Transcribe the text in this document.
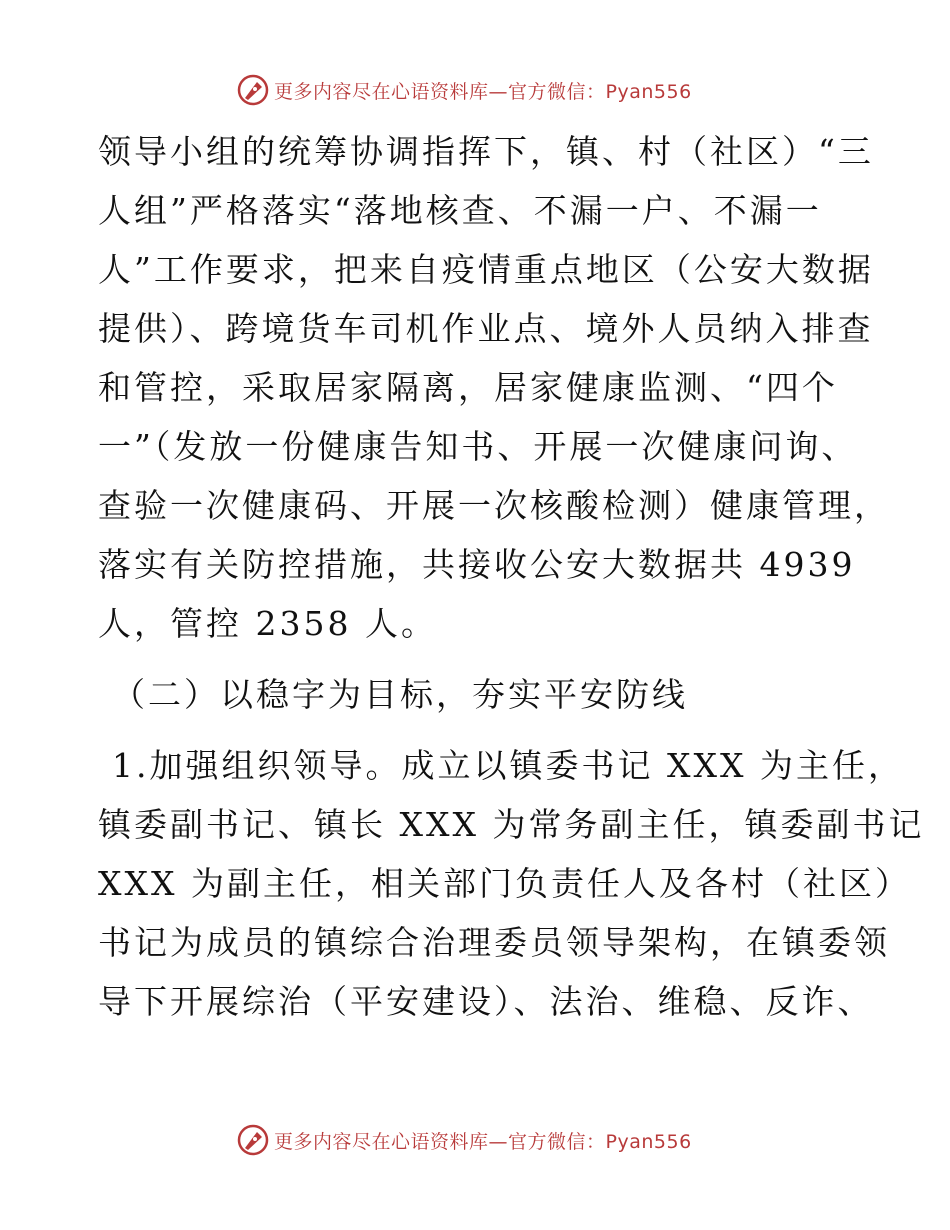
更多内容尽在心语资料库—官方微信：Pyan556

领导小组的统筹协调指挥下，镇、村（社区）“三
人组”严格落实“落地核查、不漏一户、不漏一
人”工作要求，把来自疫情重点地区（公安大数据
提供）、跨境货车司机作业点、境外人员纳入排查
和管控，采取居家隔离，居家健康监测、“四个
一”（发放一份健康告知书、开展一次健康问询、
查验一次健康码、开展一次核酸检测）健康管理，
落实有关防控措施，共接收公安大数据共 4939
人，管控 2358 人。

（二）以稳字为目标，夯实平安防线

1.加强组织领导。成立以镇委书记 XXX 为主任，
镇委副书记、镇长 XXX 为常务副主任，镇委副书记
XXX 为副主任，相关部门负责任人及各村（社区）
书记为成员的镇综合治理委员领导架构，在镇委领
导下开展综治（平安建设）、法治、维稳、反诈、

更多内容尽在心语资料库—官方微信：Pyan556
